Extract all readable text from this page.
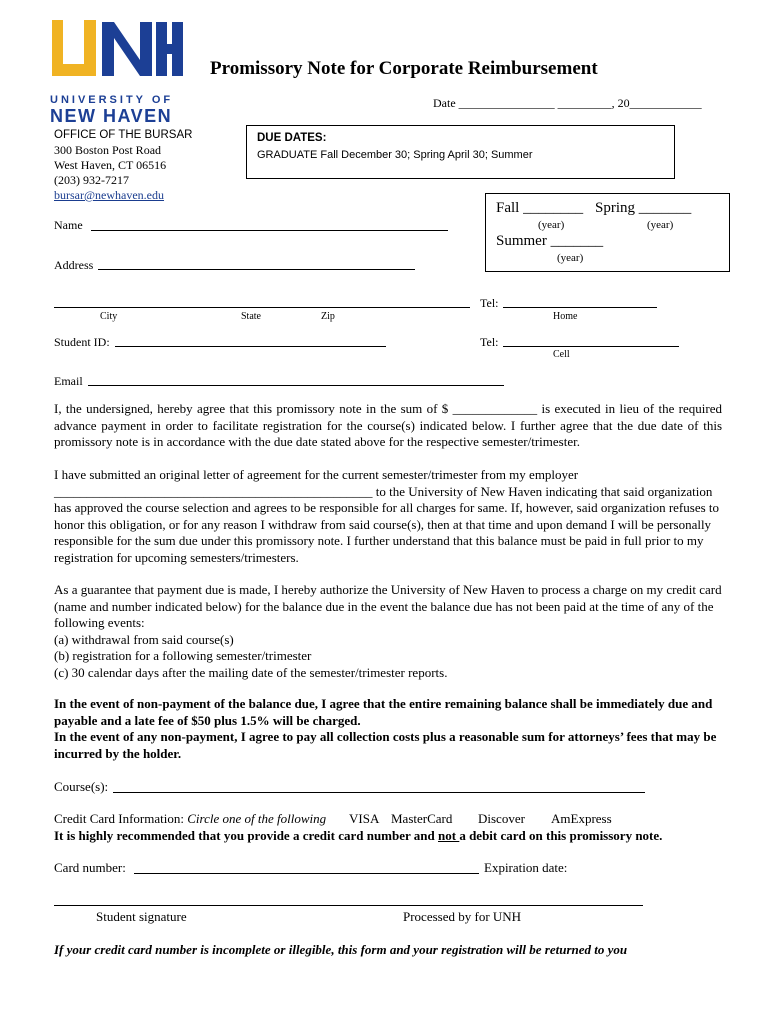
UNIVERSITY OF
NEW HAVEN
Promissory Note for Corporate Reimbursement
Date ________________ _________, 20____________
OFFICE OF THE BURSAR
300 Boston Post Road
West Haven, CT 06516
(203) 932-7217
bursar@newhaven.edu
DUE DATES:
GRADUATE Fall December 30; Spring April 30; Summer
Fall ________ Spring _______
(year)	(year)
Summer _______
(year)
Name
Address
City	State	Zip
Tel:
Home
Student ID:	Tel:
Cell
Email
I, the undersigned, hereby agree that this promissory note in the sum of $ _____________ is executed in lieu of the required advance payment in order to facilitate registration for the course(s) indicated below. I further agree that the due date of this promissory note is in accordance with the due date stated above for the respective semester/trimester.
I have submitted an original letter of agreement for the current semester/trimester from my employer _________________________________________________ to the University of New Haven indicating that said organization has approved the course selection and agrees to be responsible for all charges for same. If, however, said organization refuses to honor this obligation, or for any reason I withdraw from said course(s), then at that time and upon demand I will be personally responsible for the sum due under this promissory note. I further understand that this balance must be paid in full prior to my registration for upcoming semesters/trimesters.
As a guarantee that payment due is made, I hereby authorize the University of New Haven to process a charge on my credit card (name and number indicated below) for the balance due in the event the balance due has not been paid at the time of any of the following events:
(a) withdrawal from said course(s)
(b) registration for a following semester/trimester
(c) 30 calendar days after the mailing date of the semester/trimester reports.
In the event of non-payment of the balance due, I agree that the entire remaining balance shall be immediately due and payable and a late fee of $50 plus 1.5% will be charged.
In the event of any non-payment, I agree to pay all collection costs plus a reasonable sum for attorneys’ fees that may be incurred by the holder.
Course(s):
Credit Card Information: Circle one of the following VISA MasterCard Discover AmExpress
It is highly recommended that you provide a credit card number and not a debit card on this promissory note.
Card number:	Expiration date:
Student signature	Processed by for UNH
If your credit card number is incomplete or illegible, this form and your registration will be returned to you
